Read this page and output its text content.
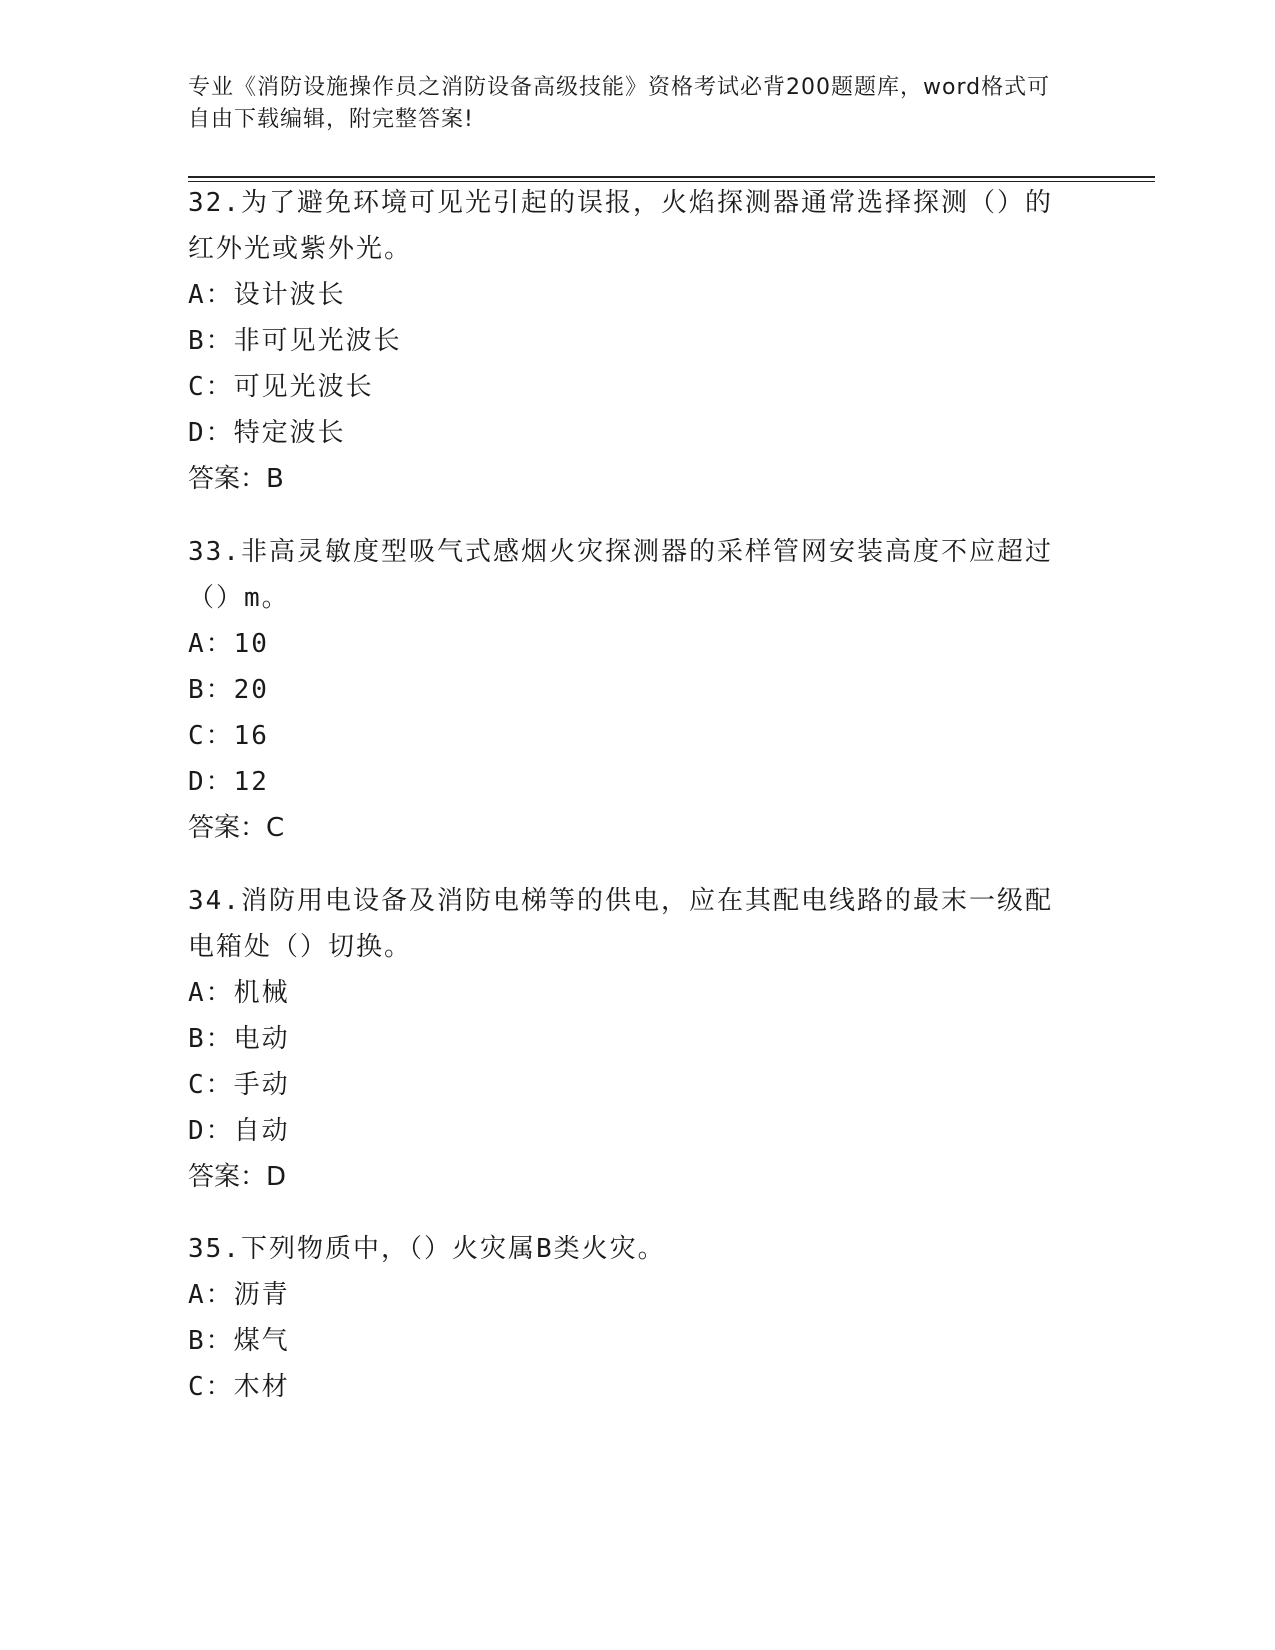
专业《消防设施操作员之消防设备高级技能》资格考试必背200题题库，word格式可自由下载编辑，附完整答案!

32.为了避免环境可见光引起的误报，火焰探测器通常选择探测（）的红外光或紫外光。

A：设计波长

B：非可见光波长

C：可见光波长

D：特定波长

答案：B

33.非高灵敏度型吸气式感烟火灾探测器的采样管网安装高度不应超过（）m。

A：10

B：20

C：16

D：12

答案：C

34.消防用电设备及消防电梯等的供电，应在其配电线路的最末一级配电箱处（）切换。

A：机械

B：电动

C：手动

D：自动

答案：D

35.下列物质中，（）火灾属B类火灾。

A：沥青

B：煤气

C：木材
